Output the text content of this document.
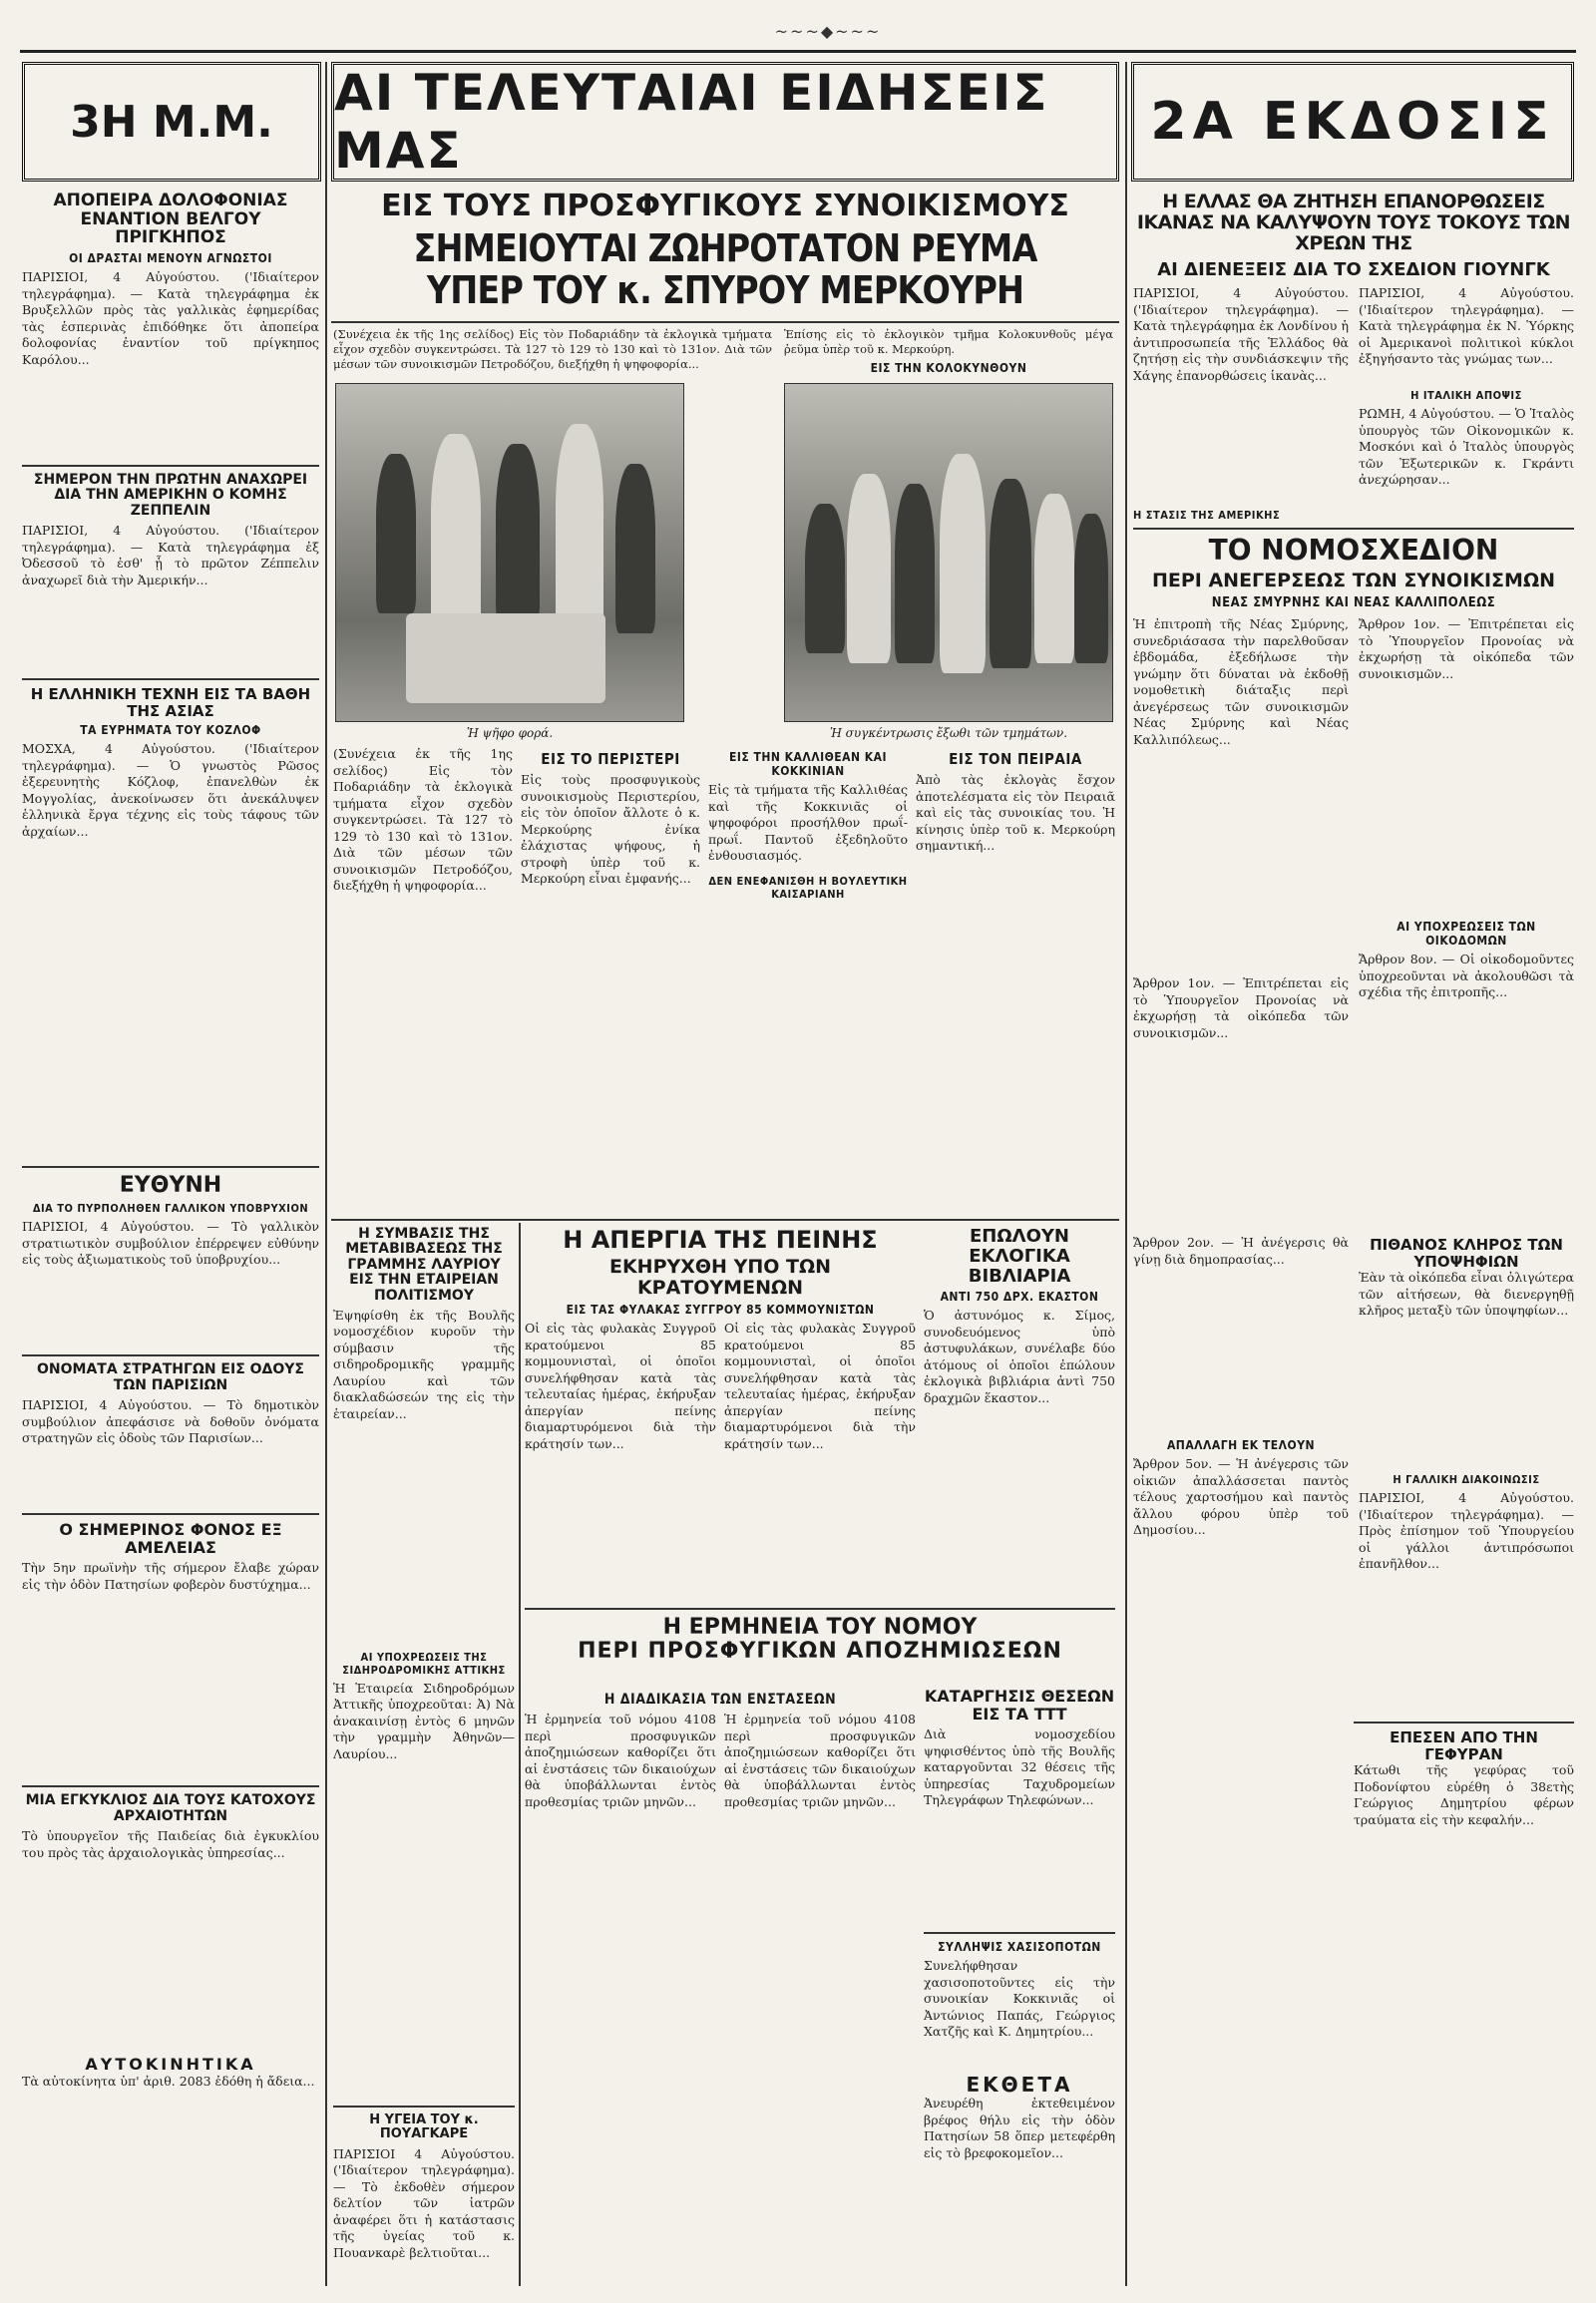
~~~◆~~~
3Η Μ.Μ. ΑΙ ΤΕΛΕΥΤΑΙΑΙ ΕΙΔΗΣΕΙΣ ΜΑΣ	2Α ΕΚΔΟΣΙΣ
ΕΙΣ ΤΟΥΣ ΠΡΟΣΦΥΓΙΚΟΥΣ ΣΥΝΟΙΚΙΣΜΟΥΣ
ΣΗΜΕΙΟΥΤΑΙ ΖΩΗΡΟΤΑΤΟΝ ΡΕΥΜΑ ΥΠΕΡ ΤΟΥ κ. ΣΠΥΡΟΥ ΜΕΡΚΟΥΡΗ
(Συνέχεια ἐκ τῆς 1ης σελίδος) Εἰς τὸν Ποδαριάδην τὰ ἐκλογικὰ τμήματα εἶχον σχεδὸν συγκεντρώσει. Τὰ 127 τὸ 129 τὸ 130 καὶ τὸ 131ον. Διὰ τῶν μέσων τῶν συνοικισμῶν Πετροδόζου, διεξήχθη ἡ ψηφοφορία...
Ἐπίσης εἰς τὸ ἐκλογικὸν τμῆμα Κολοκυνθοῦς μέγα ῥεῦμα ὑπὲρ τοῦ κ. Μερκούρη.
ΕΙΣ ΤΗΝ ΚΟΛΟΚΥΝΘΟΥΝ
Ἡ ψῆφο φορά.	Ἡ συγκέντρωσις ἔξωθι τῶν τμημάτων.
(Συνέχεια ἐκ τῆς 1ης σελίδος) Εἰς τὸν Ποδαριάδην τὰ ἐκλογικὰ τμήματα εἶχον σχεδὸν συγκεντρώσει. Τὰ 127 τὸ 129 τὸ 130 καὶ τὸ 131ον. Διὰ τῶν μέσων τῶν συνοικισμῶν Πετροδόζου, διεξήχθη ἡ ψηφοφορία...
ΕΙΣ ΤΟ ΠΕΡΙΣΤΕΡΙ
Εἰς τοὺς προσφυγικοὺς συνοικισμοὺς Περιστερίου, εἰς τὸν ὁποῖον ἄλλοτε ὁ κ. Μερκούρης ἐνίκα ἐλάχιστας ψήφους, ἡ στροφὴ ὑπὲρ τοῦ κ. Μερκούρη εἶναι ἐμφανής...
ΕΙΣ ΤΗΝ ΚΑΛΛΙΘΕΑΝ ΚΑΙ ΚΟΚΚΙΝΙΑΝ
Εἰς τὰ τμήματα τῆς Καλλιθέας καὶ τῆς Κοκκινιᾶς οἱ ψηφοφόροι προσήλθον πρωΐ-πρωΐ. Παντοῦ ἐξεδηλοῦτο ἐνθουσιασμός.
ΔΕΝ ΕΝΕΦΑΝΙΣΘΗ Η ΒΟΥΛΕΥΤΙΚΗ ΚΑΙΣΑΡΙΑΝΗ
ΕΙΣ ΤΟΝ ΠΕΙΡΑΙΑ
Ἀπὸ τὰς ἐκλογὰς ἔσχον ἀποτελέσματα εἰς τὸν Πειραιᾶ καὶ εἰς τὰς συνοικίας του. Ἡ κίνησις ὑπὲρ τοῦ κ. Μερκούρη σημαντική...
ΑΠΟΠΕΙΡΑ ΔΟΛΟΦΟΝΙΑΣ ΕΝΑΝΤΙΟΝ ΒΕΛΓΟΥ ΠΡΙΓΚΗΠΟΣ
ΟΙ ΔΡΑΣΤΑΙ ΜΕΝΟΥΝ ΑΓΝΩΣΤΟΙ
ΠΑΡΙΣΙΟΙ, 4 Αὐγούστου. ('Ιδιαίτερον τηλεγράφημα). — Κατὰ τηλεγράφημα ἐκ Βρυξελλῶν πρὸς τὰς γαλλικὰς ἐφημερίδας τὰς ἑσπερινὰς ἐπιδόθηκε ὅτι ἀποπείρα δολοφονίας ἐναντίον τοῦ πρίγκηπος Καρόλου...
ΣΗΜΕΡΟΝ ΤΗΝ ΠΡΩΤΗΝ ΑΝΑΧΩΡΕΙ ΔΙΑ ΤΗΝ ΑΜΕΡΙΚΗΝ Ο ΚΟΜΗΣ ΖΕΠΠΕΛΙΝ
ΠΑΡΙΣΙΟΙ, 4 Αὐγούστου. ('Ιδιαίτερον τηλεγράφημα). — Κατὰ τηλεγράφημα ἐξ Ὀδεσσοῦ τὸ ἐσθ' ᾗ τὸ πρῶτον Ζέππελιν ἀναχωρεῖ διὰ τὴν Ἀμερικήν...
Η ΕΛΛΗΝΙΚΗ ΤΕΧΝΗ ΕΙΣ ΤΑ ΒΑΘΗ ΤΗΣ ΑΣΙΑΣ
ΤΑ ΕΥΡΗΜΑΤΑ ΤΟΥ ΚΟΖΛΟΦ
ΜΟΣΧΑ, 4 Αὐγούστου. ('Ιδιαίτερον τηλεγράφημα). — Ὁ γνωστὸς Ρῶσος ἐξερευνητὴς Κόζλοφ, ἐπανελθὼν ἐκ Μογγολίας, ἀνεκοίνωσεν ὅτι ἀνεκάλυψεν ἑλληνικὰ ἔργα τέχνης εἰς τοὺς τάφους τῶν ἀρχαίων...
ΕΥΘΥΝΗ
ΔΙΑ ΤΟ ΠΥΡΠΟΛΗΘΕΝ ΓΑΛΛΙΚΟΝ ΥΠΟΒΡΥΧΙΟΝ
ΠΑΡΙΣΙΟΙ, 4 Αὐγούστου. — Τὸ γαλλικὸν στρατιωτικὸν συμβούλιον ἐπέρρεψεν εὐθύνην εἰς τοὺς ἀξιωματικοὺς τοῦ ὑποβρυχίου...
ΟΝΟΜΑΤΑ ΣΤΡΑΤΗΓΩΝ ΕΙΣ ΟΔΟΥΣ ΤΩΝ ΠΑΡΙΣΙΩΝ
ΠΑΡΙΣΙΟΙ, 4 Αὐγούστου. — Τὸ δημοτικὸν συμβούλιον ἀπεφάσισε νὰ δοθοῦν ὀνόματα στρατηγῶν εἰς ὁδοὺς τῶν Παρισίων...
Ο ΣΗΜΕΡΙΝΟΣ ΦΟΝΟΣ ΕΞ ΑΜΕΛΕΙΑΣ
Τὴν 5ην πρωϊνὴν τῆς σήμερον ἔλαβε χώραν εἰς τὴν ὁδὸν Πατησίων φοβερὸν δυστύχημα...
ΜΙΑ ΕΓΚΥΚΛΙΟΣ ΔΙΑ ΤΟΥΣ ΚΑΤΟΧΟΥΣ ΑΡΧΑΙΟΤΗΤΩΝ
Τὸ ὑπουργεῖον τῆς Παιδείας διὰ ἐγκυκλίου του πρὸς τὰς ἀρχαιολογικὰς ὑπηρεσίας...
ΑΥΤΟΚΙΝΗΤΙΚΑ
Τὰ αὐτοκίνητα ὑπ' ἀριθ. 2083 ἐδόθη ἡ ἄδεια...
Η ΕΛΛΑΣ ΘΑ ΖΗΤΗΣΗ ΕΠΑΝΟΡΘΩΣΕΙΣ ΙΚΑΝΑΣ ΝΑ ΚΑΛΥΨΟΥΝ ΤΟΥΣ ΤΟΚΟΥΣ ΤΩΝ ΧΡΕΩΝ ΤΗΣ
ΑΙ ΔΙΕΝΕΞΕΙΣ ΔΙΑ ΤΟ ΣΧΕΔΙΟΝ ΓΙΟΥΝΓΚ
ΠΑΡΙΣΙΟΙ, 4 Αὐγούστου. ('Ιδιαίτερον τηλεγράφημα). — Κατὰ τηλεγράφημα ἐκ Λονδίνου ἡ ἀντιπροσωπεία τῆς Ἑλλάδος θὰ ζητήσῃ εἰς τὴν συνδιάσκεψιν τῆς Χάγης ἐπανορθώσεις ἱκανὰς...
ΠΑΡΙΣΙΟΙ, 4 Αὐγούστου. ('Ιδιαίτερον τηλεγράφημα). — Κατὰ τηλεγράφημα ἐκ Ν. Ὑόρκης οἱ Ἀμερικανοὶ πολιτικοὶ κύκλοι ἐξηγήσαντο τὰς γνώμας των...
Η ΙΤΑΛΙΚΗ ΑΠΟΨΙΣ
ΡΩΜΗ, 4 Αὐγούστου. — Ὁ Ἰταλὸς ὑπουργὸς τῶν Οἰκονομικῶν κ. Μοσκόνι καὶ ὁ Ἰταλὸς ὑπουργὸς τῶν Ἐξωτερικῶν κ. Γκράντι ἀνεχώρησαν...
Η ΣΤΑΣΙΣ ΤΗΣ ΑΜΕΡΙΚΗΣ
ΤΟ ΝΟΜΟΣΧΕΔΙΟΝ
ΠΕΡΙ ΑΝΕΓΕΡΣΕΩΣ ΤΩΝ ΣΥΝΟΙΚΙΣΜΩΝ
ΝΕΑΣ ΣΜΥΡΝΗΣ ΚΑΙ ΝΕΑΣ ΚΑΛΛΙΠΟΛΕΩΣ
Ἡ ἐπιτροπὴ τῆς Νέας Σμύρνης, συνεδριάσασα τὴν παρελθοῦσαν ἑβδομάδα, ἐξεδήλωσε τὴν γνώμην ὅτι δύναται νὰ ἐκδοθῇ νομοθετικὴ διάταξις περὶ ἀνεγέρσεως τῶν συνοικισμῶν Νέας Σμύρνης καὶ Νέας Καλλιπόλεως...
Ἄρθρον 1ον. — Ἐπιτρέπεται εἰς τὸ Ὑπουργεῖον Προνοίας νὰ ἐκχωρήσῃ τὰ οἰκόπεδα τῶν συνοικισμῶν...
Ἄρθρον 2ον. — Ἡ ἀνέγερσις θὰ γίνῃ διὰ δημοπρασίας...
ΑΠΑΛΛΑΓΗ ΕΚ ΤΕΛΟΥΝ
Ἄρθρον 5ον. — Ἡ ἀνέγερσις τῶν οἰκιῶν ἀπαλλάσσεται παντὸς τέλους χαρτοσήμου καὶ παντὸς ἄλλου φόρου ὑπὲρ τοῦ Δημοσίου...
Ἄρθρον 1ον. — Ἐπιτρέπεται εἰς τὸ Ὑπουργεῖον Προνοίας νὰ ἐκχωρήσῃ τὰ οἰκόπεδα τῶν συνοικισμῶν...
ΑΙ ΥΠΟΧΡΕΩΣΕΙΣ ΤΩΝ ΟΙΚΟΔΟΜΩΝ
Ἄρθρον 8ον. — Οἱ οἰκοδομοῦντες ὑποχρεοῦνται νὰ ἀκολουθῶσι τὰ σχέδια τῆς ἐπιτροπῆς...
ΠΙΘΑΝΟΣ ΚΛΗΡΟΣ ΤΩΝ ΥΠΟΨΗΦΙΩΝ
Ἐὰν τὰ οἰκόπεδα εἶναι ὀλιγώτερα τῶν αἰτήσεων, θὰ διενεργηθῇ κλῆρος μεταξὺ τῶν ὑποψηφίων...
Η ΓΑΛΛΙΚΗ ΔΙΑΚΟΙΝΩΣΙΣ
ΠΑΡΙΣΙΟΙ, 4 Αὐγούστου. ('Ιδιαίτερον τηλεγράφημα). — Πρὸς ἐπίσημον τοῦ Ὑπουργείου οἱ γάλλοι ἀντιπρόσωποι ἐπανῆλθον...
ΕΠΕΣΕΝ ΑΠΟ ΤΗΝ ΓΕΦΥΡΑΝ
Κάτωθι τῆς γεφύρας τοῦ Ποδονίφτου εὑρέθη ὁ 38ετὴς Γεώργιος Δημητρίου φέρων τραύματα εἰς τὴν κεφαλήν...
Η ΣΥΜΒΑΣΙΣ ΤΗΣ ΜΕΤΑΒΙΒΑΣΕΩΣ ΤΗΣ ΓΡΑΜΜΗΣ ΛΑΥΡΙΟΥ ΕΙΣ ΤΗΝ ΕΤΑΙΡΕΙΑΝ ΠΟΛΙΤΙΣΜΟΥ
Ἐψηφίσθη ἐκ τῆς Βουλῆς νομοσχέδιον κυροῦν τὴν σύμβασιν τῆς σιδηροδρομικῆς γραμμῆς Λαυρίου καὶ τῶν διακλαδώσεών της εἰς τὴν ἑταιρείαν...
ΑΙ ΥΠΟΧΡΕΩΣΕΙΣ ΤΗΣ ΣΙΔΗΡΟΔΡΟΜΙΚΗΣ ΑΤΤΙΚΗΣ
Ἡ Ἑταιρεία Σιδηροδρόμων Ἀττικῆς ὑποχρεοῦται: Ἀ) Νὰ ἀνακαινίσῃ ἐντὸς 6 μηνῶν τὴν γραμμὴν Ἀθηνῶν—Λαυρίου...
Η ΥΓΕΙΑ ΤΟΥ κ. ΠΟΥΑΓΚΑΡΕ
ΠΑΡΙΣΙΟΙ 4 Αὐγούστου. ('Ιδιαίτερον τηλεγράφημα). — Τὸ ἐκδοθὲν σήμερον δελτίον τῶν ἰατρῶν ἀναφέρει ὅτι ἡ κατάστασις τῆς ὑγείας τοῦ κ. Πουανκαρὲ βελτιοῦται...
Η ΑΠΕΡΓΙΑ ΤΗΣ ΠΕΙΝΗΣ
ΕΚΗΡΥΧΘΗ ΥΠΟ ΤΩΝ ΚΡΑΤΟΥΜΕΝΩΝ
ΕΙΣ ΤΑΣ ΦΥΛΑΚΑΣ ΣΥΓΓΡΟΥ 85 ΚΟΜΜΟΥΝΙΣΤΩΝ
Οἱ εἰς τὰς φυλακὰς Συγγροῦ κρατούμενοι 85 κομμουνισταὶ, οἱ ὁποῖοι συνελήφθησαν κατὰ τὰς τελευταίας ἡμέρας, ἐκήρυξαν ἀπεργίαν πείνης διαμαρτυρόμενοι διὰ τὴν κράτησίν των...
Οἱ εἰς τὰς φυλακὰς Συγγροῦ κρατούμενοι 85 κομμουνισταὶ, οἱ ὁποῖοι συνελήφθησαν κατὰ τὰς τελευταίας ἡμέρας, ἐκήρυξαν ἀπεργίαν πείνης διαμαρτυρόμενοι διὰ τὴν κράτησίν των...
ΕΠΩΛΟΥΝ ΕΚΛΟΓΙΚΑ ΒΙΒΛΙΑΡΙΑ
ΑΝΤΙ 750 ΔΡΧ. ΕΚΑΣΤΟΝ
Ὁ ἀστυνόμος κ. Σίμος, συνοδευόμενος ὑπὸ ἀστυφυλάκων, συνέλαβε δύο ἀτόμους οἱ ὁποῖοι ἐπώλουν ἐκλογικὰ βιβλιάρια ἀντὶ 750 δραχμῶν ἕκαστον...
Η ΕΡΜΗΝΕΙΑ ΤΟΥ ΝΟΜΟΥ
ΠΕΡΙ ΠΡΟΣΦΥΓΙΚΩΝ ΑΠΟΖΗΜΙΩΣΕΩΝ
Η ΔΙΑΔΙΚΑΣΙΑ ΤΩΝ ΕΝΣΤΑΣΕΩΝ
Ἡ ἐρμηνεία τοῦ νόμου 4108 περὶ προσφυγικῶν ἀποζημιώσεων καθορίζει ὅτι αἱ ἐνστάσεις τῶν δικαιούχων θὰ ὑποβάλλωνται ἐντὸς προθεσμίας τριῶν μηνῶν...
Ἡ ἐρμηνεία τοῦ νόμου 4108 περὶ προσφυγικῶν ἀποζημιώσεων καθορίζει ὅτι αἱ ἐνστάσεις τῶν δικαιούχων θὰ ὑποβάλλωνται ἐντὸς προθεσμίας τριῶν μηνῶν...
ΚΑΤΑΡΓΗΣΙΣ ΘΕΣΕΩΝ ΕΙΣ ΤΑ ΤΤΤ
Διὰ νομοσχεδίου ψηφισθέντος ὑπὸ τῆς Βουλῆς καταργοῦνται 32 θέσεις τῆς ὑπηρεσίας Ταχυδρομείων Τηλεγράφων Τηλεφώνων...
ΣΥΛΛΗΨΙΣ ΧΑΣΙΣΟΠΟΤΩΝ
Συνελήφθησαν χασισοποτοῦντες εἰς τὴν συνοικίαν Κοκκινιᾶς οἱ Ἀντώνιος Παπάς, Γεώργιος Χατζῆς καὶ Κ. Δημητρίου...
ΕΚΘΕΤΑ
Ἀνευρέθη ἐκτεθειμένον βρέφος θήλυ εἰς τὴν ὁδὸν Πατησίων 58 ὅπερ μετεφέρθη εἰς τὸ βρεφοκομεῖον...
